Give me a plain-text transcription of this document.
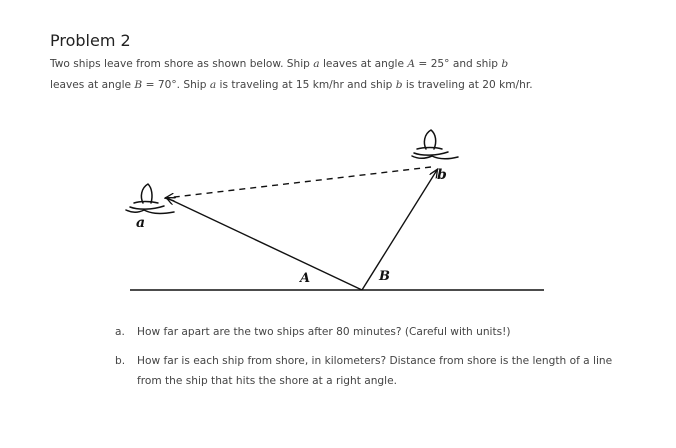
Problem 2
Two ships leave from shore as shown below. Ship a leaves at angle A = 25° and ship b
leaves at angle B = 70°. Ship a is traveling at 15 km/hr and ship b is traveling at 20 km/hr.
a
b
A	B
a. How far apart are the two ships after 80 minutes? (Careful with units!)
b. How far is each ship from shore, in kilometers? Distance from shore is the length of a line from the ship that hits the shore at a right angle.
